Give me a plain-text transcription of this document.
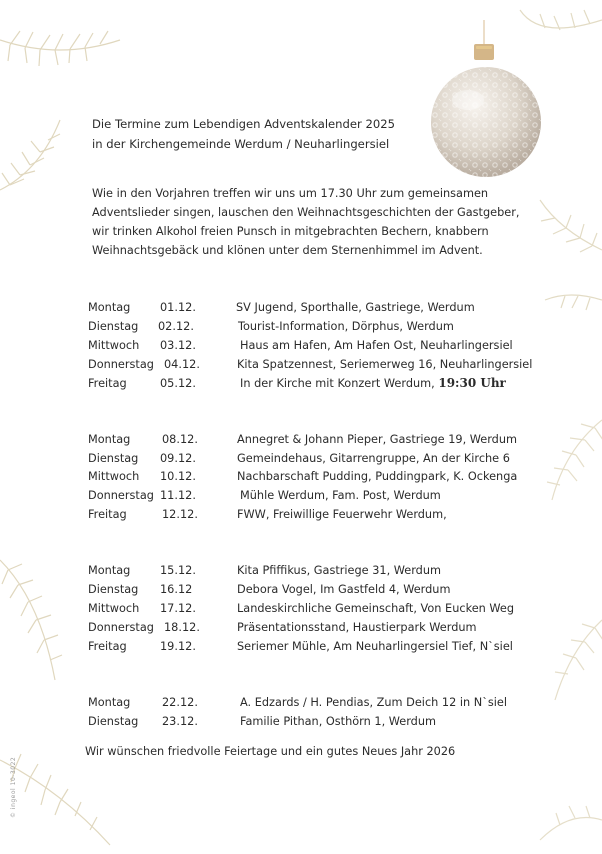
Die Termine zum Lebendigen Adventskalender 2025
in der Kirchengemeinde Werdum / Neuharlingersiel
Wie in den Vorjahren treffen wir uns um 17.30 Uhr zum gemeinsamen Adventslieder singen, lauschen den Weihnachtsgeschichten der Gastgeber, wir trinken Alkohol freien Punsch in mitgebrachten Bechern, knabbern Weihnachtsgebäck und klönen unter dem Sternenhimmel im Advent.
Montag	01.12.	SV Jugend, Sporthalle, Gastriege, Werdum
Dienstag 02.12.	Tourist-Information, Dörphus, Werdum
Mittwoch 03.12.	Haus am Hafen, Am Hafen Ost, Neuharlingersiel
Donnerstag 04.12.	Kita Spatzennest, Seriemerweg 16, Neuharlingersiel
Freitag	05.12.	In der Kirche mit Konzert Werdum, 19:30 Uhr
Montag	08.12.	Annegret & Johann Pieper, Gastriege 19, Werdum
Dienstag 09.12.	Gemeindehaus, Gitarrengruppe, An der Kirche 6
Mittwoch 10.12.	Nachbarschaft Pudding, Puddingpark, K. Ockenga
Donnerstag 11.12.	Mühle Werdum, Fam. Post, Werdum
Freitag	12.12.	FWW, Freiwillige Feuerwehr Werdum,
Montag	15.12.	Kita Pfiffikus, Gastriege 31, Werdum
Dienstag 16.12	Debora Vogel, Im Gastfeld 4, Werdum
Mittwoch 17.12.	Landeskirchliche Gemeinschaft, Von Eucken Weg
Donnerstag 18.12.	Präsentationsstand, Haustierpark Werdum
Freitag	19.12.	Seriemer Mühle, Am Neuharlingersiel Tief, N`siel
Montag	22.12.	A. Edzards / H. Pendias, Zum Deich 12 in N`siel
Dienstag 23.12.	Familie Pithan, Osthörn 1, Werdum
Wir wünschen friedvolle Feiertage und ein gutes Neues Jahr 2026
© ingeol 10-3022
